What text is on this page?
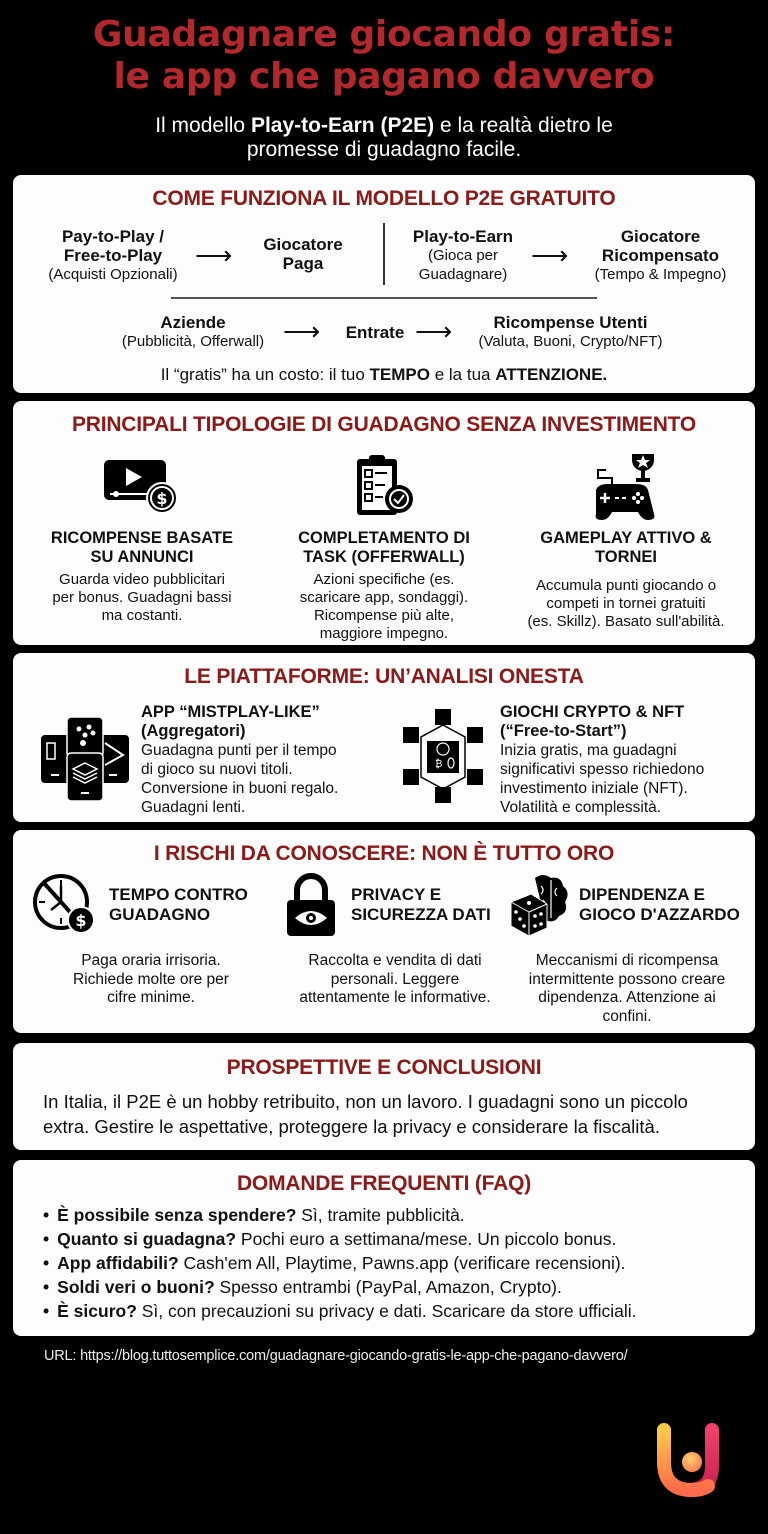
Guadagnare giocando gratis:
le app che pagano davvero
Il modello Play-to-Earn (P2E) e la realtà dietro le
promesse di guadagno facile.
COME FUNZIONA IL MODELLO P2E GRATUITO
Pay-to-Play /
Free-to-Play
(Acquisti Opzionali)
⟶	Giocatore
Paga
Play-to-Earn
(Gioca per
Guadagnare)
⟶
Giocatore
Ricompensato
(Tempo & Impegno)
Aziende
(Pubblicità, Offerwall) ⟶	Entrate ⟶	Ricompense Utenti
(Valuta, Buoni, Crypto/NFT)
Il “gratis” ha un costo: il tuo TEMPO e la tua ATTENZIONE.
PRINCIPALI TIPOLOGIE DI GUADAGNO SENZA INVESTIMENTO
$
RICOMPENSE BASATE
SU ANNUNCI
Guarda video pubblicitari
per bonus. Guadagni bassi
ma costanti.
COMPLETAMENTO DI
TASK (OFFERWALL)
Azioni specifiche (es.
scaricare app, sondaggi).
Ricompense più alte,
maggiore impegno.
GAMEPLAY ATTIVO &
TORNEI
Accumula punti giocando o
competi in tornei gratuiti
(es. Skillz). Basato sull'abilità.
LE PIATTAFORME: UN’ANALISI ONESTA
APP “MISTPLAY-LIKE”
(Aggregatori)
Guadagna punti per il tempo
di gioco su nuovi titoli.
Conversione in buoni regalo.
Guadagni lenti.
₿
GIOCHI CRYPTO & NFT
(“Free-to-Start”)
Inizia gratis, ma guadagni
significativi spesso richiedono
investimento iniziale (NFT).
Volatilità e complessità.
I RISCHI DA CONOSCERE: NON È TUTTO ORO
$
TEMPO CONTRO
GUADAGNO
Paga oraria irrisoria.
Richiede molte ore per
cifre minime.
PRIVACY E
SICUREZZA DATI
Raccolta e vendita di dati
personali. Leggere
attentamente le informative.
DIPENDENZA E
GIOCO D'AZZARDO
Meccanismi di ricompensa
intermittente possono creare
dipendenza. Attenzione ai
confini.
PROSPETTIVE E CONCLUSIONI
In Italia, il P2E è un hobby retribuito, non un lavoro. I guadagni sono un piccolo
extra. Gestire le aspettative, proteggere la privacy e considerare la fiscalità.
DOMANDE FREQUENTI (FAQ)
• È possibile senza spendere? Sì, tramite pubblicità.
• Quanto si guadagna? Pochi euro a settimana/mese. Un piccolo bonus.
• App affidabili? Cash'em All, Playtime, Pawns.app (verificare recensioni).
• Soldi veri o buoni? Spesso entrambi (PayPal, Amazon, Crypto).
• È sicuro? Sì, con precauzioni su privacy e dati. Scaricare da store ufficiali.
URL: https://blog.tuttosemplice.com/guadagnare-giocando-gratis-le-app-che-pagano-davvero/
